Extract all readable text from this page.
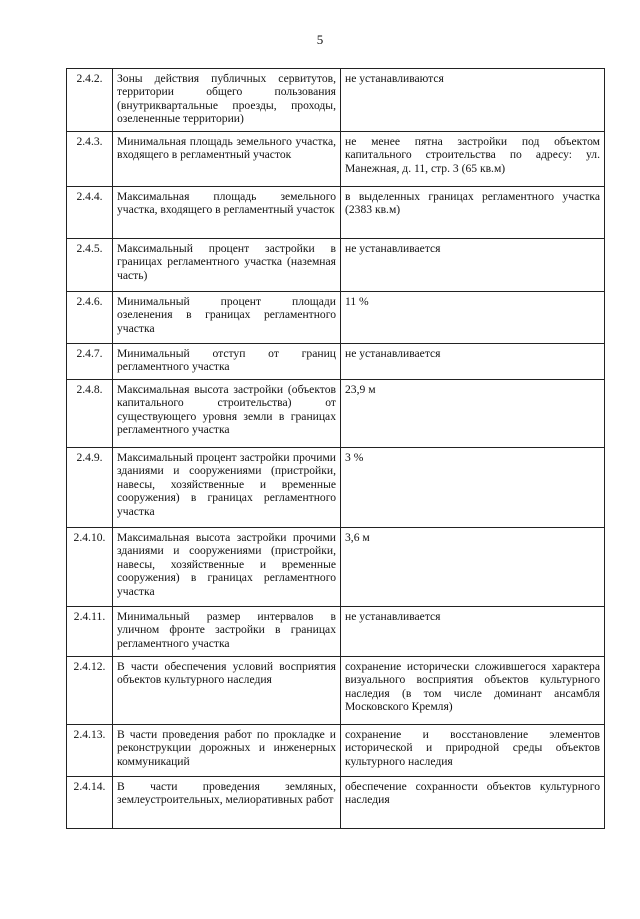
5
2.4.2.	Зоны действия публичных сервитутов, территории общего пользования (внутриквартальные проезды, проходы, озелененные территории)	не устанавливаются
2.4.3.	Минимальная площадь земельного участка, входящего в регламентный участок	не менее пятна застройки под объектом капитального строительства по адресу: ул. Манежная, д. 11, стр. 3 (65 кв.м)
2.4.4.	Максимальная площадь земельного участка, входящего в регламентный участок	в выделенных границах регламентного участка (2383 кв.м)
2.4.5.	Максимальный процент застройки в границах регламентного участка (наземная часть)	не устанавливается
2.4.6.	Минимальный процент площади озеленения в границах регламентного участка	11 %
2.4.7.	Минимальный отступ от границ регламентного участка	не устанавливается
2.4.8.	Максимальная высота застройки (объектов капитального строительства) от существующего уровня земли в границах регламентного участка	23,9 м
2.4.9.	Максимальный процент застройки прочими зданиями и сооружениями (пристройки, навесы, хозяйственные и временные сооружения) в границах регламентного участка	3 %
2.4.10.	Максимальная высота застройки прочими зданиями и сооружениями (пристройки, навесы, хозяйственные и временные сооружения) в границах регламентного участка	3,6 м
2.4.11.	Минимальный размер интервалов в уличном фронте застройки в границах регламентного участка	не устанавливается
2.4.12.	В части обеспечения условий восприятия объектов культурного наследия	сохранение исторически сложившегося характера визуального восприятия объектов культурного наследия (в том числе доминант ансамбля Московского Кремля)
2.4.13.	В части проведения работ по прокладке и реконструкции дорожных и инженерных коммуникаций	сохранение и восстановление элементов исторической и природной среды объектов культурного наследия
2.4.14.	В части проведения земляных, землеустроительных, мелиоративных работ	обеспечение сохранности объектов культурного наследия
